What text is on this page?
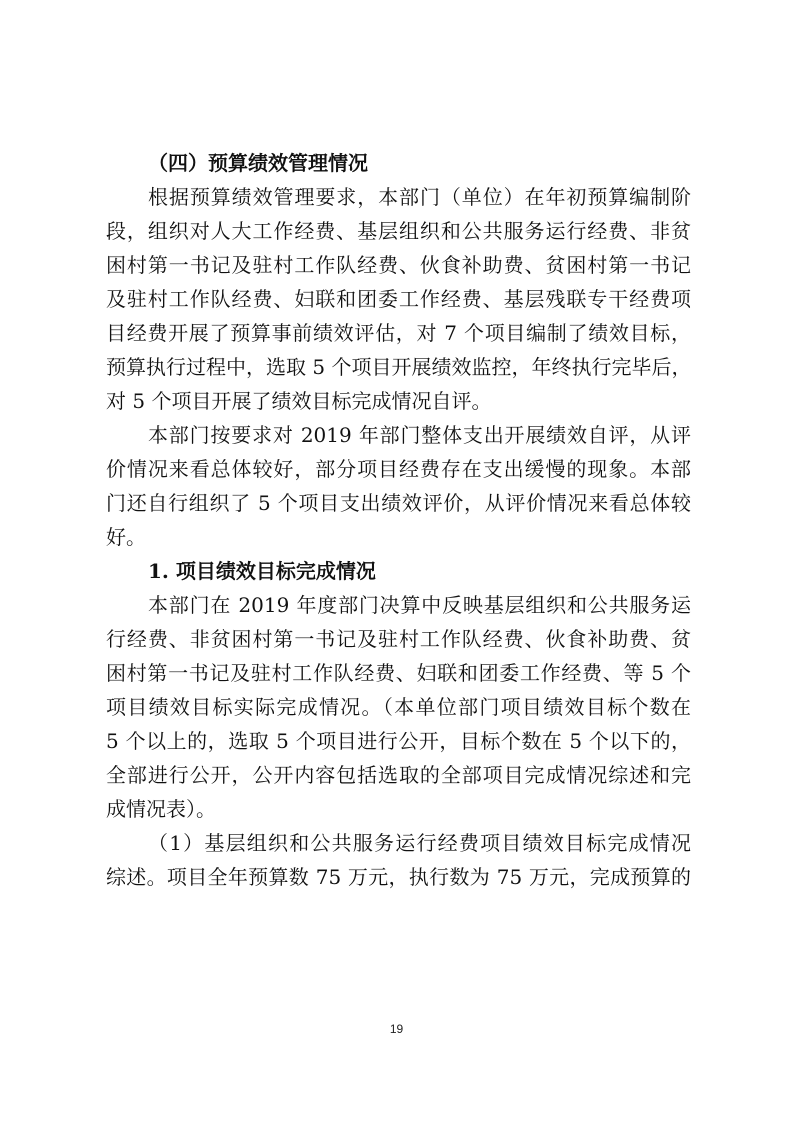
（四）预算绩效管理情况
根据预算绩效管理要求，本部门（单位）在年初预算编制阶
段，组织对人大工作经费、基层组织和公共服务运行经费、非贫
困村第一书记及驻村工作队经费、伙食补助费、贫困村第一书记
及驻村工作队经费、妇联和团委工作经费、基层残联专干经费项
目经费开展了预算事前绩效评估，对 7 个项目编制了绩效目标，
预算执行过程中，选取 5 个项目开展绩效监控，年终执行完毕后，
对 5 个项目开展了绩效目标完成情况自评。
本部门按要求对 2019 年部门整体支出开展绩效自评，从评
价情况来看总体较好，部分项目经费存在支出缓慢的现象。本部
门还自行组织了 5 个项目支出绩效评价，从评价情况来看总体较
好。
1. 项目绩效目标完成情况
本部门在 2019 年度部门决算中反映基层组织和公共服务运
行经费、非贫困村第一书记及驻村工作队经费、伙食补助费、贫
困村第一书记及驻村工作队经费、妇联和团委工作经费、等 5 个
项目绩效目标实际完成情况。（本单位部门项目绩效目标个数在
5 个以上的，选取 5 个项目进行公开，目标个数在 5 个以下的，
全部进行公开，公开内容包括选取的全部项目完成情况综述和完
成情况表）。
（1）基层组织和公共服务运行经费项目绩效目标完成情况
综述。项目全年预算数 75 万元，执行数为 75 万元，完成预算的
19
